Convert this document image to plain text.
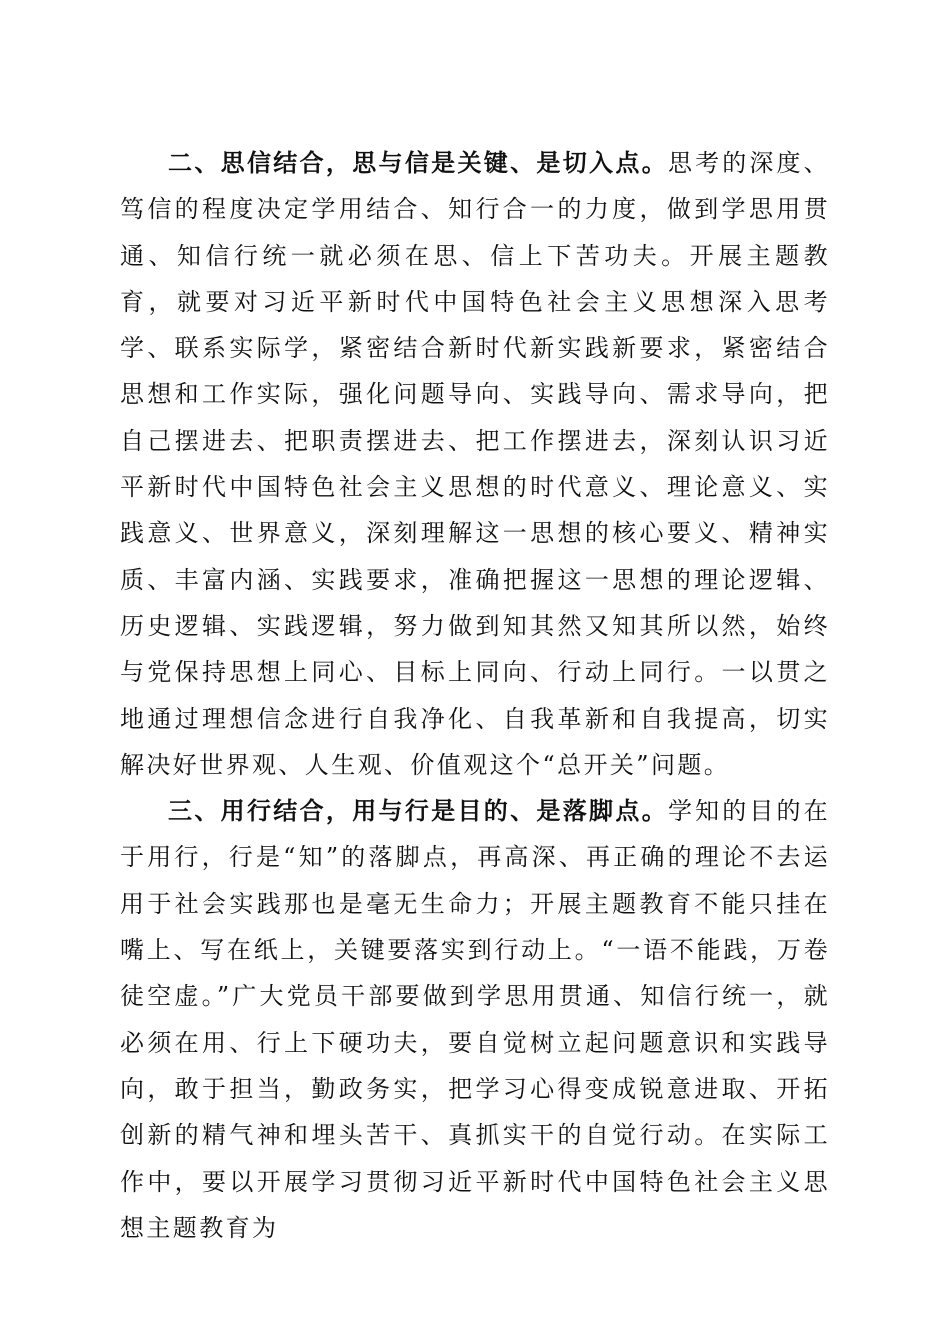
二、思信结合，思与信是关键、是切入点。思考的深度、笃信的程度决定学用结合、知行合一的力度，做到学思用贯通、知信行统一就必须在思、信上下苦功夫。开展主题教育，就要对习近平新时代中国特色社会主义思想深入思考学、联系实际学，紧密结合新时代新实践新要求，紧密结合思想和工作实际，强化问题导向、实践导向、需求导向，把自己摆进去、把职责摆进去、把工作摆进去，深刻认识习近平新时代中国特色社会主义思想的时代意义、理论意义、实践意义、世界意义，深刻理解这一思想的核心要义、精神实质、丰富内涵、实践要求，准确把握这一思想的理论逻辑、历史逻辑、实践逻辑，努力做到知其然又知其所以然，始终与党保持思想上同心、目标上同向、行动上同行。一以贯之地通过理想信念进行自我净化、自我革新和自我提高，切实解决好世界观、人生观、价值观这个“总开关”问题。

三、用行结合，用与行是目的、是落脚点。学知的目的在于用行，行是“知”的落脚点，再高深、再正确的理论不去运用于社会实践那也是毫无生命力；开展主题教育不能只挂在嘴上、写在纸上，关键要落实到行动上。“一语不能践，万卷徒空虚。”广大党员干部要做到学思用贯通、知信行统一，就必须在用、行上下硬功夫，要自觉树立起问题意识和实践导向，敢于担当，勤政务实，把学习心得变成锐意进取、开拓创新的精气神和埋头苦干、真抓实干的自觉行动。在实际工作中，要以开展学习贯彻习近平新时代中国特色社会主义思想主题教育为
